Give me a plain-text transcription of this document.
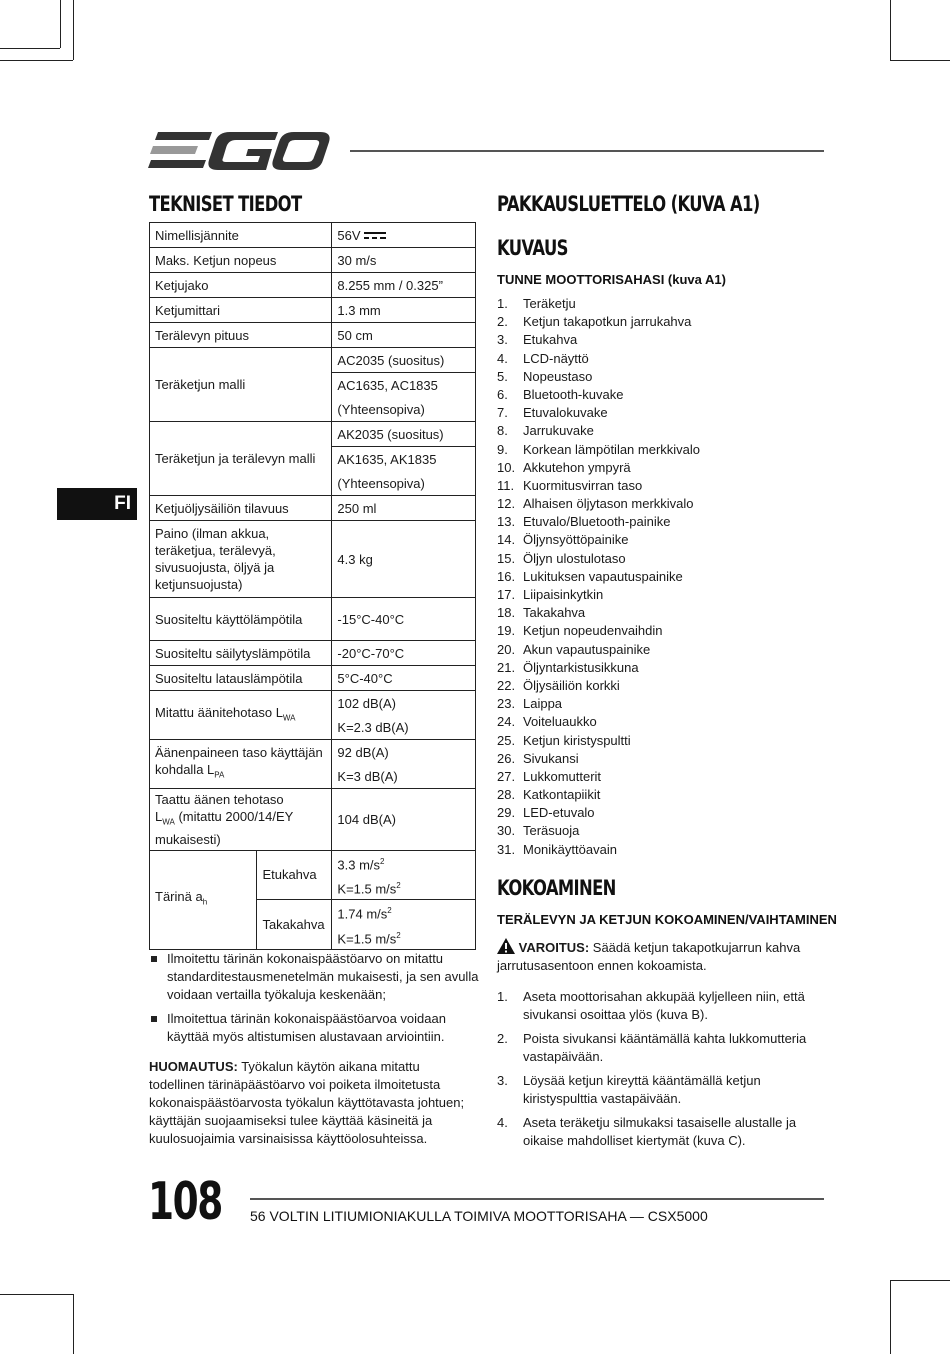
FI
TEKNISET TIEDOT
Nimellisjännite		56V
Maks. Ketjun nopeus		30 m/s
Ketjujako		8.255 mm / 0.325”
Ketjumittari		1.3 mm
Terälevyn pituus		50 cm
Teräketjun malli		AC2035 (suositus)
		AC1635, AC1835
		(Yhteensopiva)
Teräketjun ja terälevyn malli		AK2035 (suositus)
		AK1635, AK1835
		(Yhteensopiva)
Ketjuöljysäiliön tilavuus		250 ml
Paino (ilman akkua, teräketjua, terälevyä, sivusuojusta, öljyä ja ketjunsuojusta)		4.3 kg
Suositeltu käyttölämpötila		-15°C-40°C
Suositeltu säilytyslämpötila		-20°C-70°C
Suositeltu latauslämpötila		5°C-40°C
Mitattu äänitehotaso $L_{WA}$		102 dB(A)
		K=2.3 dB(A)
Äänenpaineen taso käyttäjän kohdalla $L_{PA}$		92 dB(A)
		K=3 dB(A)
Taattu äänen tehotaso
$L_{WA}$ (mitattu 2000/14/EY mukaisesti)		104 dB(A)
Tärinä $a_h$	Etukahva	3.3 $m/s^2$
		K=1.5 $m/s^2$
	Takakahva	1.74 $m/s^2$
		K=1.5 $m/s^2$
Ilmoitettu tärinän kokonaispäästöarvo on mitattu standarditestausmenetelmän mukaisesti, ja sen avulla voidaan vertailla työkaluja keskenään;
Ilmoitettua tärinän kokonaispäästöarvoa voidaan käyttää myös altistumisen alustavaan arviointiin.
HUOMAUTUS: Työkalun käytön aikana mitattu todellinen tärinäpäästöarvo voi poiketa ilmoitetusta kokonaispäästöarvosta työkalun käyttötavasta johtuen; käyttäjän suojaamiseksi tulee käyttää käsineitä ja kuulosuojaimia varsinaisissa käyttöolosuhteissa.
PAKKAUSLUETTELO (KUVA A1)
KUVAUS
TUNNE MOOTTORISAHASI (kuva A1)
1. Teräketju
2. Ketjun takapotkun jarrukahva
3. Etukahva
4. LCD-näyttö
5. Nopeustaso
6. Bluetooth-kuvake
7. Etuvalokuvake
8. Jarrukuvake
9. Korkean lämpötilan merkkivalo
10. Akkutehon ympyrä
11. Kuormitusvirran taso
12. Alhaisen öljytason merkkivalo
13. Etuvalo/Bluetooth-painike
14. Öljynsyöttöpainike
15. Öljyn ulostulotaso
16. Lukituksen vapautuspainike
17. Liipaisinkytkin
18. Takakahva
19. Ketjun nopeudenvaihdin
20. Akun vapautuspainike
21. Öljyntarkistusikkuna
22. Öljysäiliön korkki
23. Laippa
24. Voiteluaukko
25. Ketjun kiristyspultti
26. Sivukansi
27. Lukkomutterit
28. Katkontapiikit
29. LED-etuvalo
30. Teräsuoja
31. Monikäyttöavain
KOKOAMINEN
TERÄLEVYN JA KETJUN KOKOAMINEN/VAIHTAMINEN
VAROITUS: Säädä ketjun takapotkujarrun kahva jarrutusasentoon ennen kokoamista.
1.	Aseta moottorisahan akkupää kyljelleen niin, että sivukansi osoittaa ylös (kuva B).
2.	Poista sivukansi kääntämällä kahta lukkomutteria vastapäivään.
3.	Löysää ketjun kireyttä kääntämällä ketjun kiristyspulttia vastapäivään.
4.	Aseta teräketju silmukaksi tasaiselle alustalle ja oikaise mahdolliset kiertymät (kuva C).
108 56 VOLTIN LITIUMIONIAKULLA TOIMIVA MOOTTORISAHA — CSX5000
